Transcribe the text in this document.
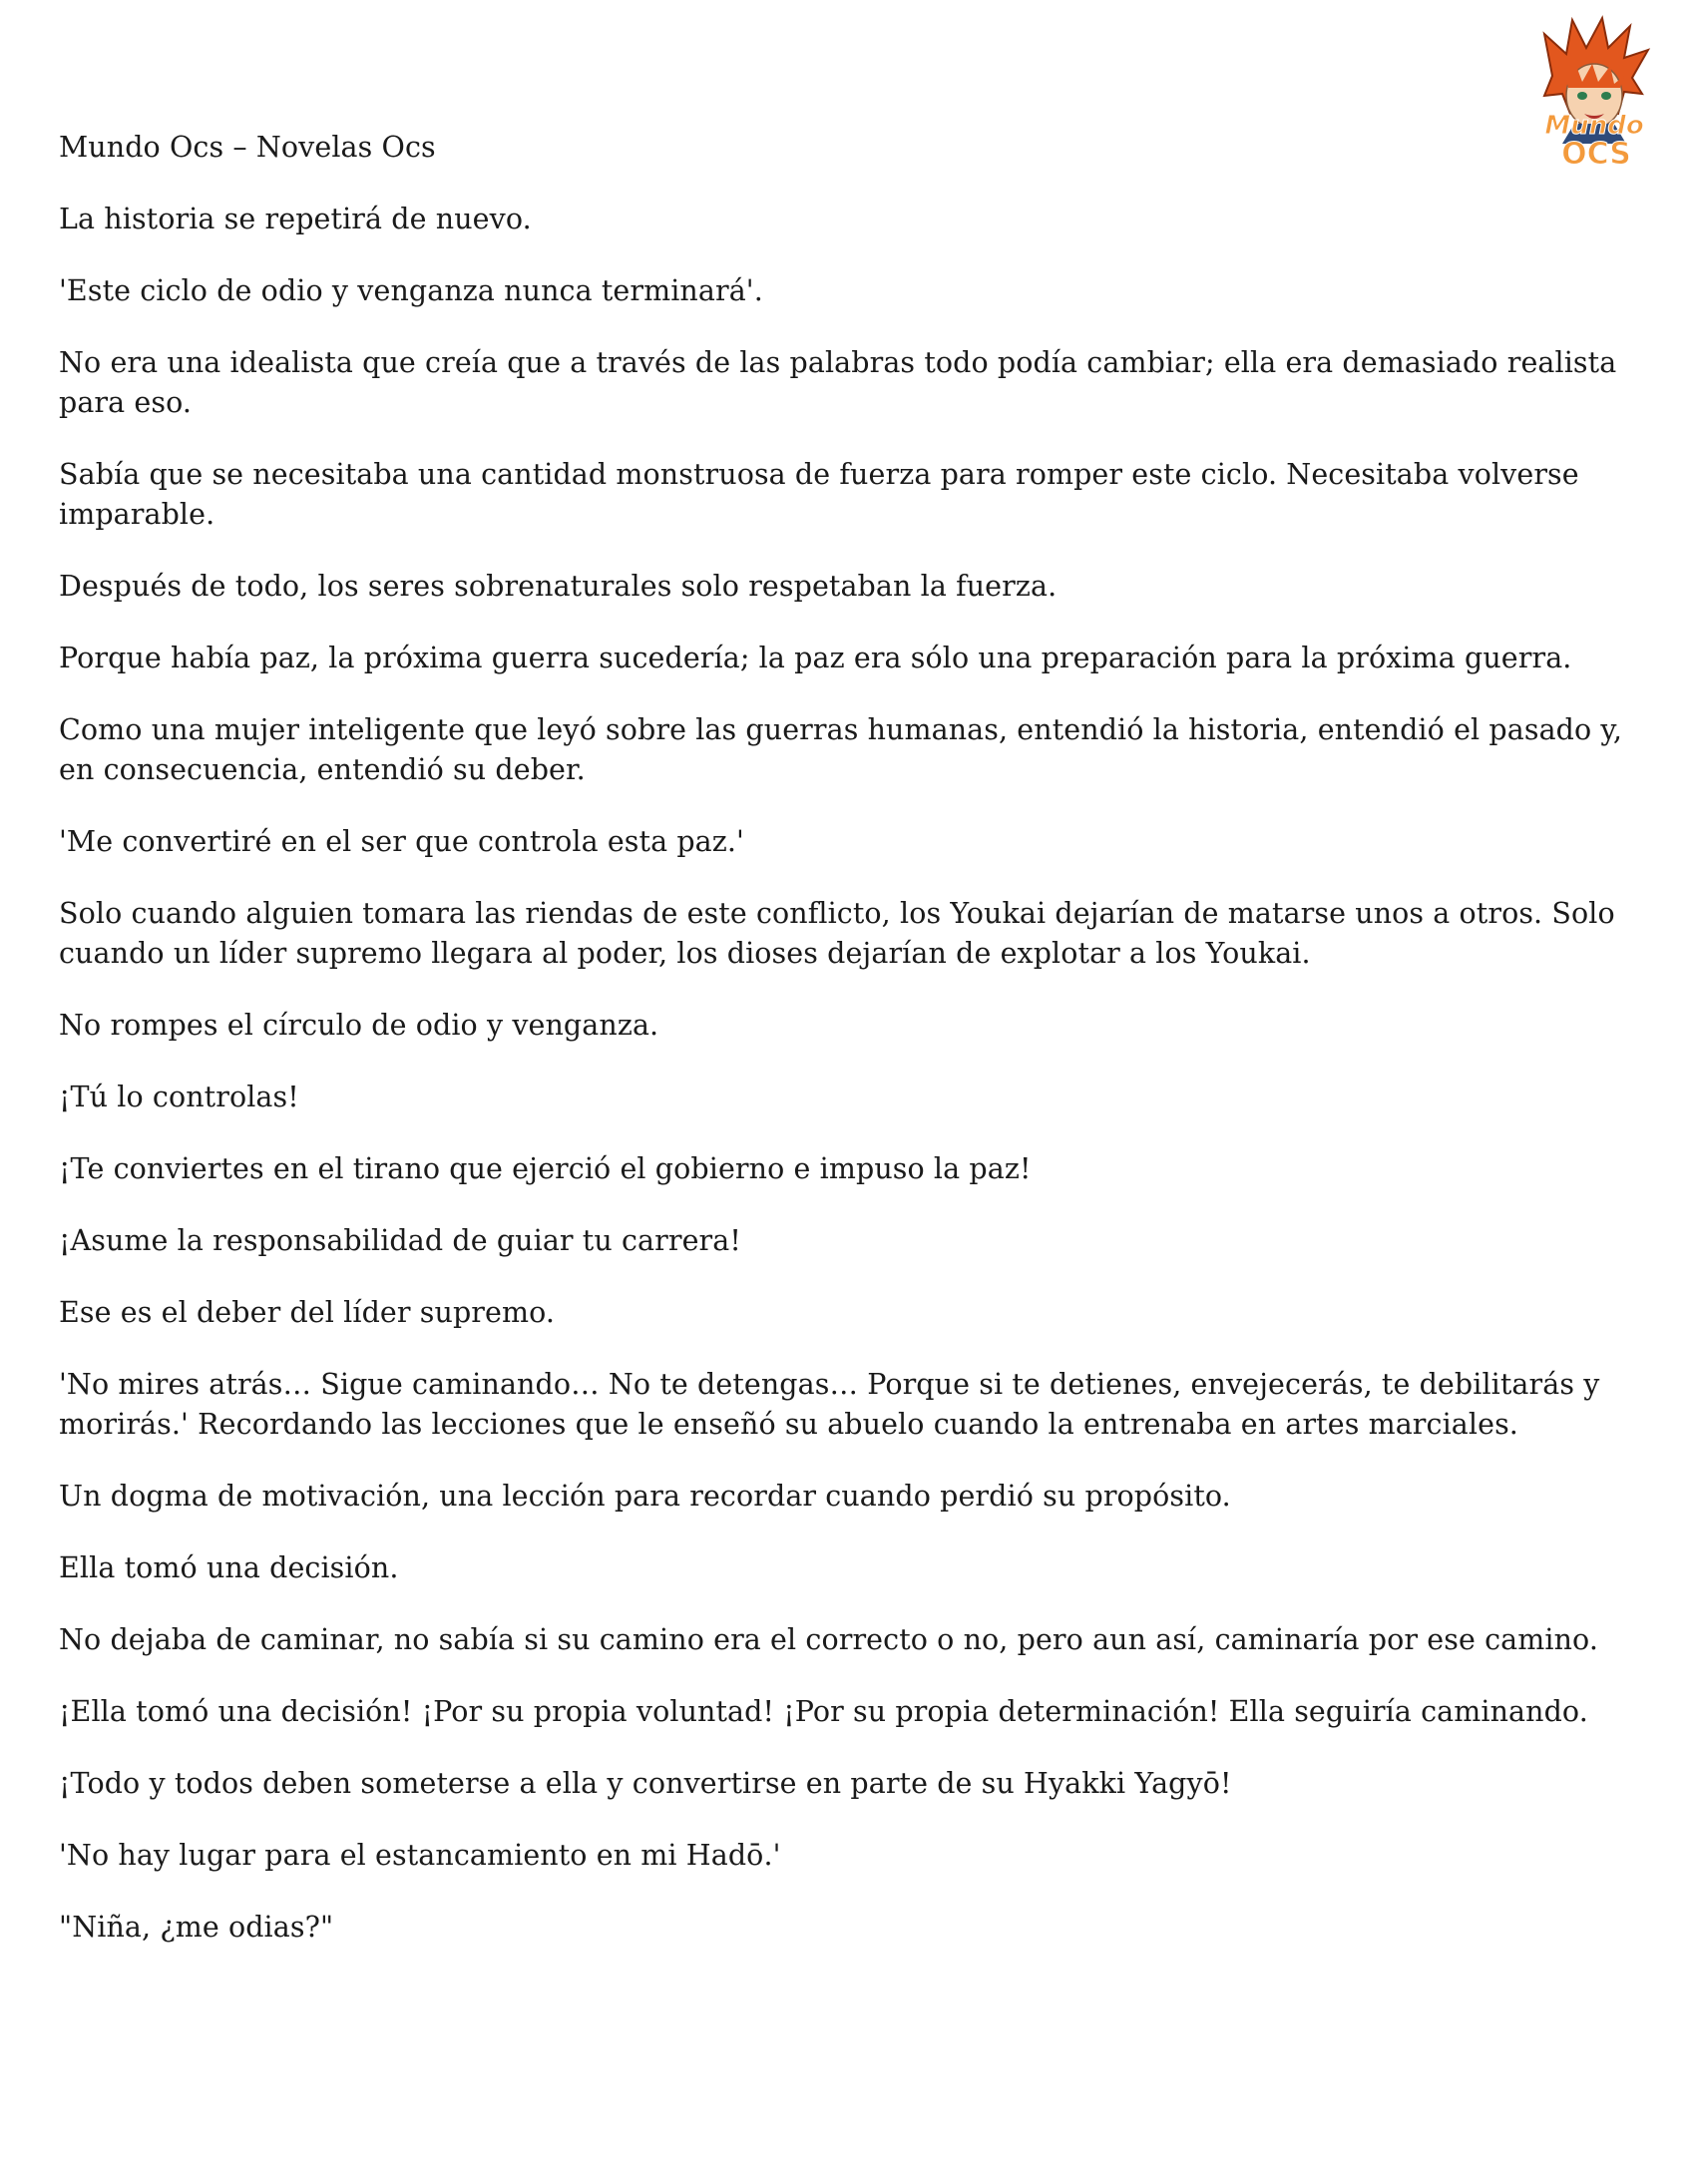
Mundo
OCS

Mundo Ocs – Novelas Ocs

La historia se repetirá de nuevo.

'Este ciclo de odio y venganza nunca terminará'.

No era una idealista que creía que a través de las palabras todo podía cambiar; ella era demasiado realista para eso.

Sabía que se necesitaba una cantidad monstruosa de fuerza para romper este ciclo. Necesitaba volverse imparable.

Después de todo, los seres sobrenaturales solo respetaban la fuerza.

Porque había paz, la próxima guerra sucedería; la paz era sólo una preparación para la próxima guerra.

Como una mujer inteligente que leyó sobre las guerras humanas, entendió la historia, entendió el pasado y, en consecuencia, entendió su deber.

'Me convertiré en el ser que controla esta paz.'

Solo cuando alguien tomara las riendas de este conflicto, los Youkai dejarían de matarse unos a otros. Solo cuando un líder supremo llegara al poder, los dioses dejarían de explotar a los Youkai.

No rompes el círculo de odio y venganza.

¡Tú lo controlas!

¡Te conviertes en el tirano que ejerció el gobierno e impuso la paz!

¡Asume la responsabilidad de guiar tu carrera!

Ese es el deber del líder supremo.

'No mires atrás… Sigue caminando… No te detengas… Porque si te detienes, envejecerás, te debilitarás y morirás.' Recordando las lecciones que le enseñó su abuelo cuando la entrenaba en artes marciales.

Un dogma de motivación, una lección para recordar cuando perdió su propósito.

Ella tomó una decisión.

No dejaba de caminar, no sabía si su camino era el correcto o no, pero aun así, caminaría por ese camino.

¡Ella tomó una decisión! ¡Por su propia voluntad! ¡Por su propia determinación! Ella seguiría caminando.

¡Todo y todos deben someterse a ella y convertirse en parte de su Hyakki Yagyō!

'No hay lugar para el estancamiento en mi Hadō.'

"Niña, ¿me odias?"
